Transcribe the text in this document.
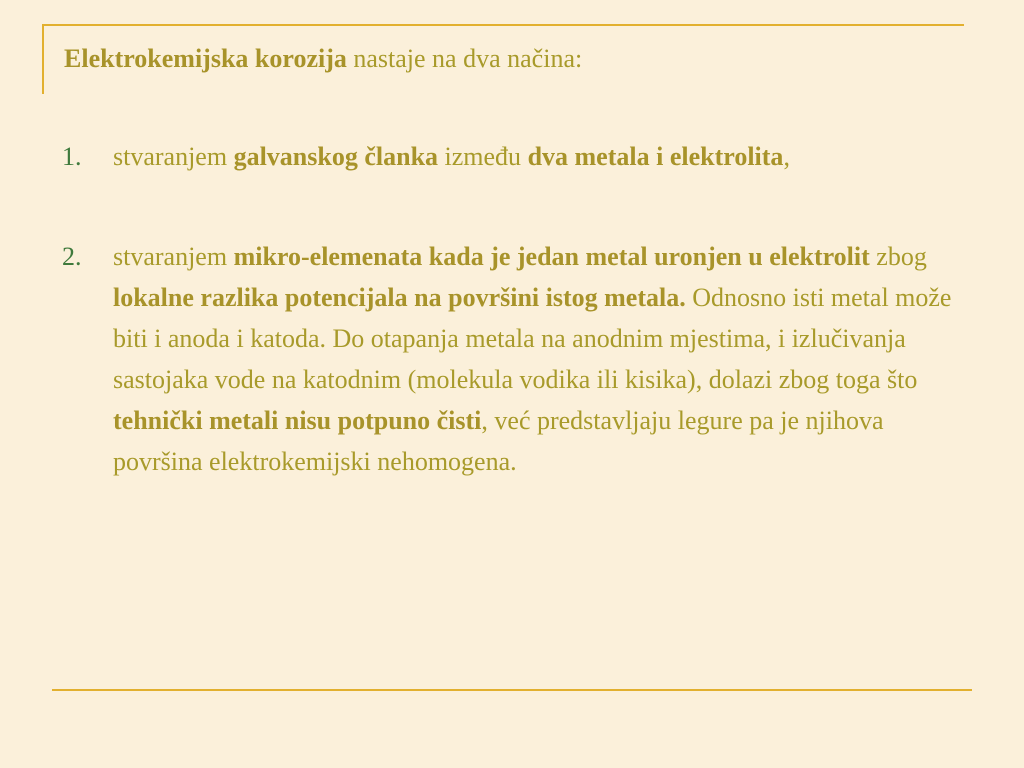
Elektrokemijska korozija nastaje na dva načina:

1. stvaranjem galvanskog članka između dva metala i elektrolita,
2. stvaranjem mikro-elemenata kada je jedan metal uronjen u elektrolit zbog lokalne razlika potencijala na površini istog metala. Odnosno isti metal može biti i anoda i katoda. Do otapanja metala na anodnim mjestima, i izlučivanja sastojaka vode na katodnim (molekula vodika ili kisika), dolazi zbog toga što tehnički metali nisu potpuno čisti, već predstavljaju legure pa je njihova površina elektrokemijski nehomogena.
